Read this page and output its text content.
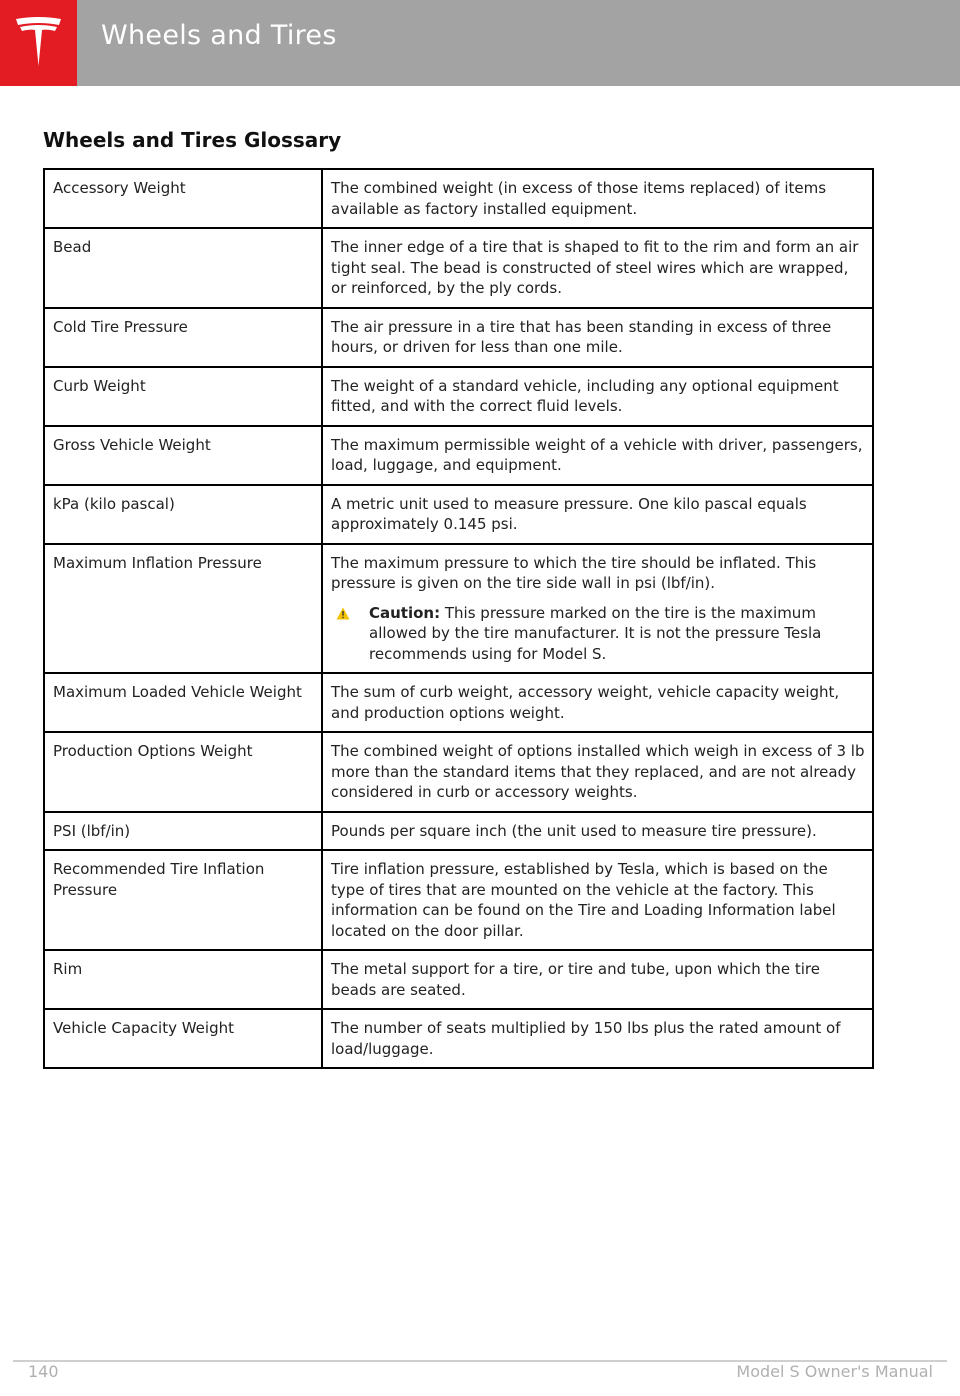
Wheels and Tires
Wheels and Tires Glossary
Accessory Weight	The combined weight (in excess of those items replaced) of items available as factory installed equipment.
Bead	The inner edge of a tire that is shaped to fit to the rim and form an air tight seal. The bead is constructed of steel wires which are wrapped, or reinforced, by the ply cords.
Cold Tire Pressure	The air pressure in a tire that has been standing in excess of three hours, or driven for less than one mile.
Curb Weight	The weight of a standard vehicle, including any optional equipment fitted, and with the correct fluid levels.
Gross Vehicle Weight	The maximum permissible weight of a vehicle with driver, passengers, load, luggage, and equipment.
kPa (kilo pascal)	A metric unit used to measure pressure. One kilo pascal equals approximately 0.145 psi.
Maximum Inflation Pressure	The maximum pressure to which the tire should be inflated. This pressure is given on the tire side wall in psi (lbf/in).
Caution: This pressure marked on the tire is the maximum allowed by the tire manufacturer. It is not the pressure Tesla recommends using for Model S.

Maximum Loaded Vehicle Weight	The sum of curb weight, accessory weight, vehicle capacity weight, and production options weight.
Production Options Weight	The combined weight of options installed which weigh in excess of 3 lb more than the standard items that they replaced, and are not already considered in curb or accessory weights.
PSI (lbf/in)	Pounds per square inch (the unit used to measure tire pressure).
Recommended Tire Inflation Pressure	Tire inflation pressure, established by Tesla, which is based on the type of tires that are mounted on the vehicle at the factory. This information can be found on the Tire and Loading Information label located on the door pillar.
Rim	The metal support for a tire, or tire and tube, upon which the tire beads are seated.
Vehicle Capacity Weight	The number of seats multiplied by 150 lbs plus the rated amount of load/luggage.
140	Model S Owner's Manual
